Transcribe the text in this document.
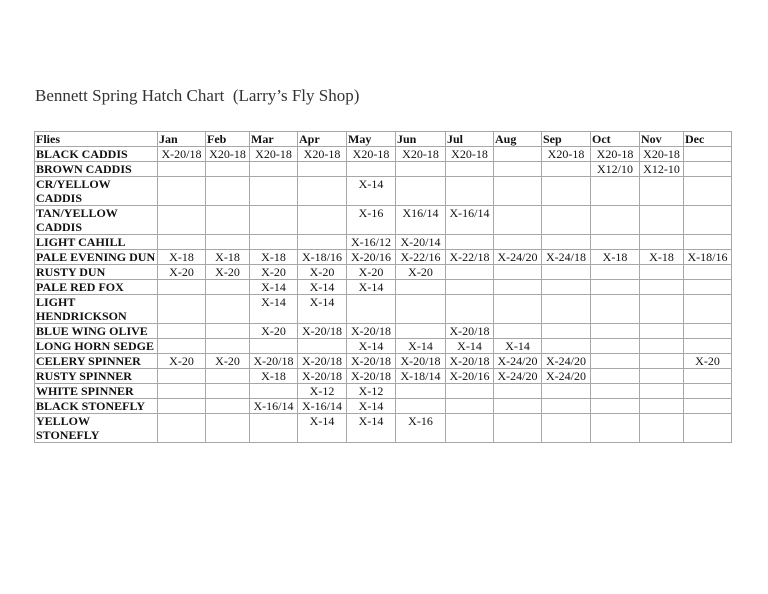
Bennett Spring Hatch Chart  (Larry’s Fly Shop)
Flies	Jan	Feb	Mar	Apr	May	Jun	Jul	Aug	Sep	Oct	Nov	Dec
BLACK CADDIS	X-20/18	X20-18	X20-18	X20-18	X20-18	X20-18	X20-18		X20-18	X20-18	X20-18	
BROWN CADDIS										X12/10	X12-10	
CR/YELLOW CADDIS					X-14							
TAN/YELLOW CADDIS					X-16	X16/14	X-16/14					
LIGHT CAHILL					X-16/12	X-20/14						
PALE EVENING DUN	X-18	X-18	X-18	X-18/16	X-20/16	X-22/16	X-22/18	X-24/20	X-24/18	X-18	X-18	X-18/16
RUSTY DUN	X-20	X-20	X-20	X-20	X-20	X-20						
PALE RED FOX			X-14	X-14	X-14							
LIGHT HENDRICKSON			X-14	X-14								
BLUE WING OLIVE			X-20	X-20/18	X-20/18		X-20/18					
LONG HORN SEDGE					X-14	X-14	X-14	X-14				
CELERY SPINNER	X-20	X-20	X-20/18	X-20/18	X-20/18	X-20/18	X-20/18	X-24/20	X-24/20			X-20
RUSTY SPINNER			X-18	X-20/18	X-20/18	X-18/14	X-20/16	X-24/20	X-24/20			
WHITE SPINNER				X-12	X-12							
BLACK STONEFLY			X-16/14	X-16/14	X-14							
YELLOW STONEFLY				X-14	X-14	X-16						
